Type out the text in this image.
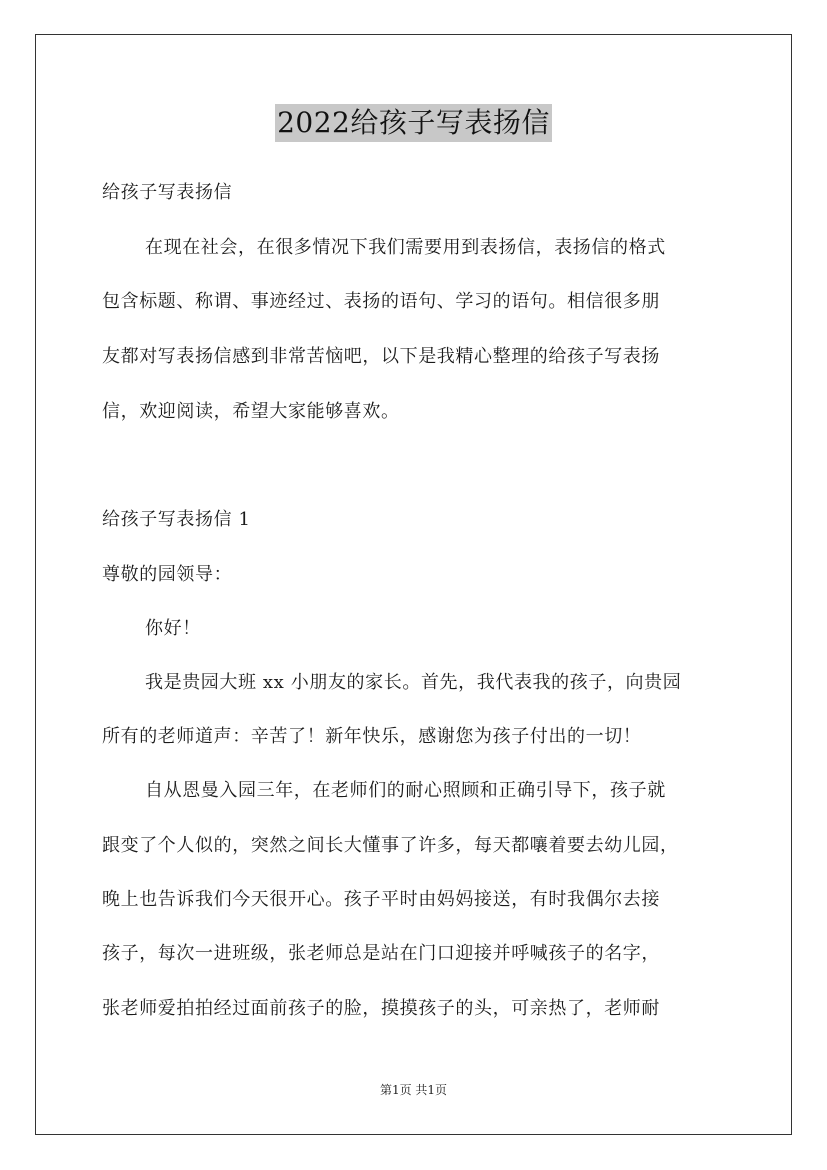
2022给孩子写表扬信
给孩子写表扬信
在现在社会，在很多情况下我们需要用到表扬信，表扬信的格式
包含标题、称谓、事迹经过、表扬的语句、学习的语句。相信很多朋
友都对写表扬信感到非常苦恼吧，以下是我精心整理的给孩子写表扬
信，欢迎阅读，希望大家能够喜欢。
给孩子写表扬信 1
尊敬的园领导：
你好！
我是贵园大班 xx 小朋友的家长。首先，我代表我的孩子，向贵园
所有的老师道声：辛苦了！新年快乐，感谢您为孩子付出的一切！
自从恩曼入园三年，在老师们的耐心照顾和正确引导下，孩子就
跟变了个人似的，突然之间长大懂事了许多，每天都嚷着要去幼儿园，
晚上也告诉我们今天很开心。孩子平时由妈妈接送，有时我偶尔去接
孩子，每次一进班级，张老师总是站在门口迎接并呼喊孩子的名字，
张老师爱拍拍经过面前孩子的脸，摸摸孩子的头，可亲热了，老师耐
第1页 共1页
